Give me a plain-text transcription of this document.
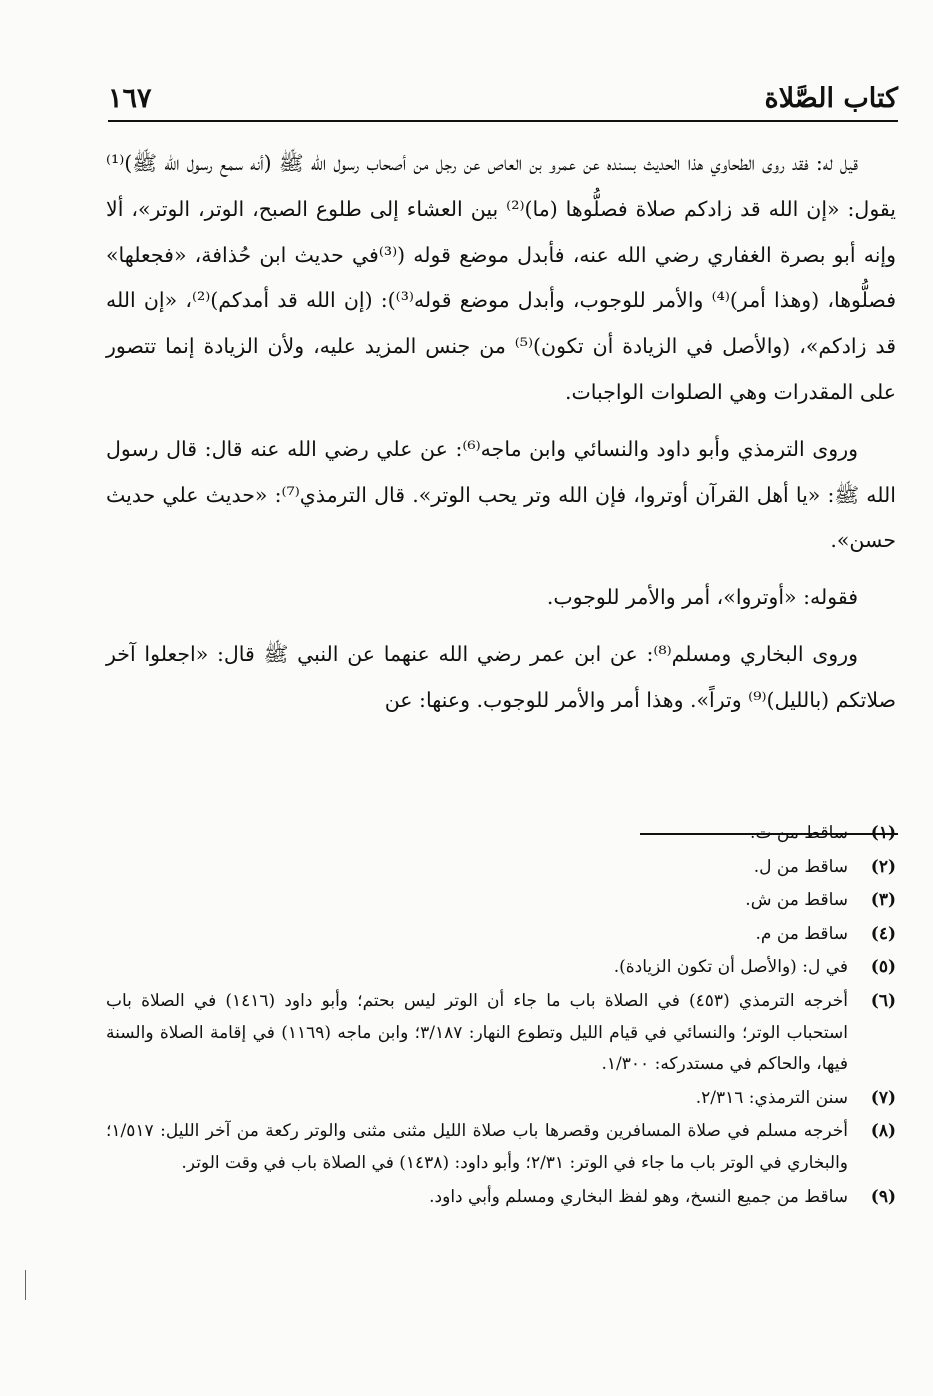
كتاب الصَّلاة
١٦٧

قيل له: فقد روى الطحاوي هذا الحديث بسنده عن عمرو بن العاص عن رجل من أصحاب رسول الله ﷺ (أنه سمع رسول الله ﷺ)⁽¹⁾ يقول: «إن الله قد زادكم صلاة فصلُّوها (ما)⁽²⁾ بين العشاء إلى طلوع الصبح، الوتر، الوتر»، ألا وإنه أبو بصرة الغفاري رضي الله عنه، فأبدل موضع قوله (⁽³⁾في حديث ابن حُذافة، «فجعلها» فصلُّوها، (وهذا أمر)⁽⁴⁾ والأمر للوجوب، وأبدل موضع قوله⁽³⁾): (إن الله قد أمدكم)⁽²⁾، «إن الله قد زادكم»، (والأصل في الزيادة أن تكون)⁽⁵⁾ من جنس المزيد عليه، ولأن الزيادة إنما تتصور على المقدرات وهي الصلوات الواجبات.

وروى الترمذي وأبو داود والنسائي وابن ماجه⁽⁶⁾: عن علي رضي الله عنه قال: قال رسول الله ﷺ: «يا أهل القرآن أوتروا، فإن الله وتر يحب الوتر». قال الترمذي⁽⁷⁾: «حديث علي حديث حسن».

فقوله: «أوتروا»، أمر والأمر للوجوب.

وروى البخاري ومسلم⁽⁸⁾: عن ابن عمر رضي الله عنهما عن النبي ﷺ قال: «اجعلوا آخر صلاتكم (بالليل)⁽⁹⁾ وتراً». وهذا أمر والأمر للوجوب. وعنها: عن

(١)
ساقط من ت.
(٢)
ساقط من ل.
(٣)
ساقط من ش.
(٤)
ساقط من م.
(٥)
في ل: (والأصل أن تكون الزيادة).
(٦)
أخرجه الترمذي (٤٥٣) في الصلاة باب ما جاء أن الوتر ليس بحتم؛ وأبو داود (١٤١٦) في الصلاة باب استحباب الوتر؛ والنسائي في قيام الليل وتطوع النهار: ٣/١٨٧؛ وابن ماجه (١١٦٩) في إقامة الصلاة والسنة فيها، والحاكم في مستدركه: ١/٣٠٠.
(٧)
سنن الترمذي: ٢/٣١٦.
(٨)
أخرجه مسلم في صلاة المسافرين وقصرها باب صلاة الليل مثنى مثنى والوتر ركعة من آخر الليل: ١/٥١٧؛ والبخاري في الوتر باب ما جاء في الوتر: ٢/٣١؛ وأبو داود: (١٤٣٨) في الصلاة باب في وقت الوتر.
(٩)
ساقط من جميع النسخ، وهو لفظ البخاري ومسلم وأبي داود.
